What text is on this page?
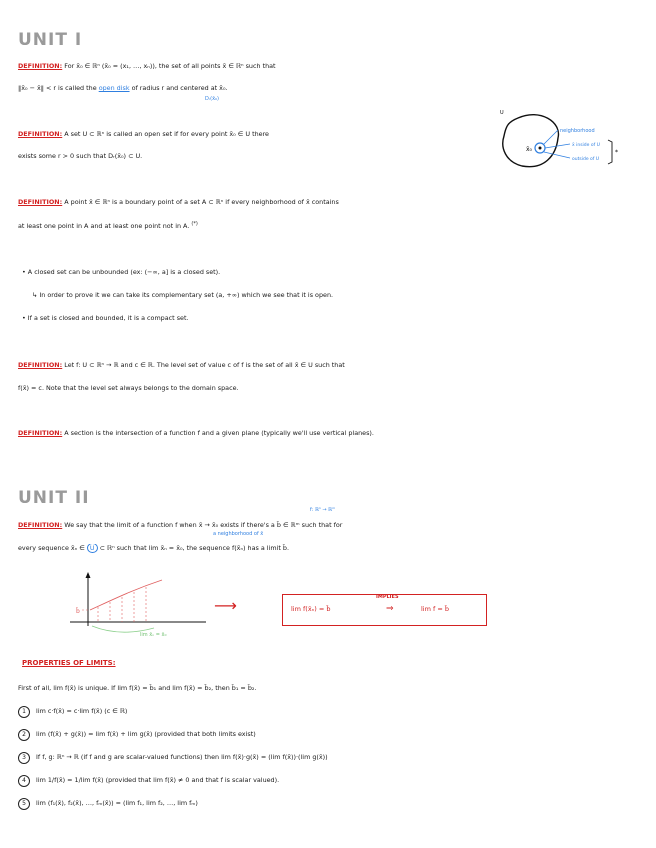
UNIT I
DEFINITION: For x̄₀ ∈ ℝⁿ (x̄₀ = (x₁, …, xₙ)), the set of all points x̄ ∈ ℝⁿ such that
‖x̄₀ − x̄‖ < r is called the open disk of radius r and centered at x̄₀.
Dᵣ(x̄₀)
DEFINITION: A set U ⊂ ℝⁿ is called an open set if for every point x̄₀ ∈ U there
exists some r > 0 such that Dᵣ(x̄₀) ⊂ U.
U
neighborhood
x̄₀
x̄ inside of U
outside of U
*
DEFINITION: A point x̄ ∈ ℝⁿ is a boundary point of a set A ⊂ ℝⁿ if every neighborhood of x̄ contains
at least one point in A and at least one point not in A. (*)
• A closed set can be unbounded (ex: (−∞, a] is a closed set).
↳ In order to prove it we can take its complementary set (a, +∞) which we see that it is open.
• If a set is closed and bounded, it is a compact set.
DEFINITION: Let f: U ⊂ ℝⁿ → ℝ and c ∈ ℝ. The level set of value c of f is the set of all x̄ ∈ U such that
f(x̄) = c. Note that the level set always belongs to the domain space.
DEFINITION: A section is the intersection of a function f and a given plane (typically we'll use vertical planes).
UNIT II
f: ℝⁿ → ℝᵐ
a neighborhood of x̄
DEFINITION: We say that the limit of a function f when x̄ → x̄₀ exists if there's a b̄ ∈ ℝᵐ such that for
every sequence x̄ₙ ∈ U ⊂ ℝⁿ such that lim x̄ₙ = x̄₀, the sequence f(x̄ₙ) has a limit b̄.
b̄
lim x̄ₙ = x̄₀
⟶	lim f(x̄ₙ) = b̄
IMPLIES
⇒	lim f = b̄
PROPERTIES OF LIMITS:
First of all, lim f(x̄) is unique. If lim f(x̄) = b̄₁ and lim f(x̄) = b̄₂, then b̄₁ = b̄₂.
1 lim c·f(x̄) = c·lim f(x̄) (c ∈ ℝ)
2 lim (f(x̄) + g(x̄)) = lim f(x̄) + lim g(x̄) (provided that both limits exist)
3 If f, g: ℝⁿ → ℝ (if f and g are scalar-valued functions) then lim f(x̄)·g(x̄) = (lim f(x̄))·(lim g(x̄))
4 lim 1/f(x̄) = 1/lim f(x̄) (provided that lim f(x̄) ≠ 0 and that f is scalar valued).
5 lim (f₁(x̄), f₂(x̄), …, fₘ(x̄)) = (lim f₁, lim f₂, …, lim fₘ)
